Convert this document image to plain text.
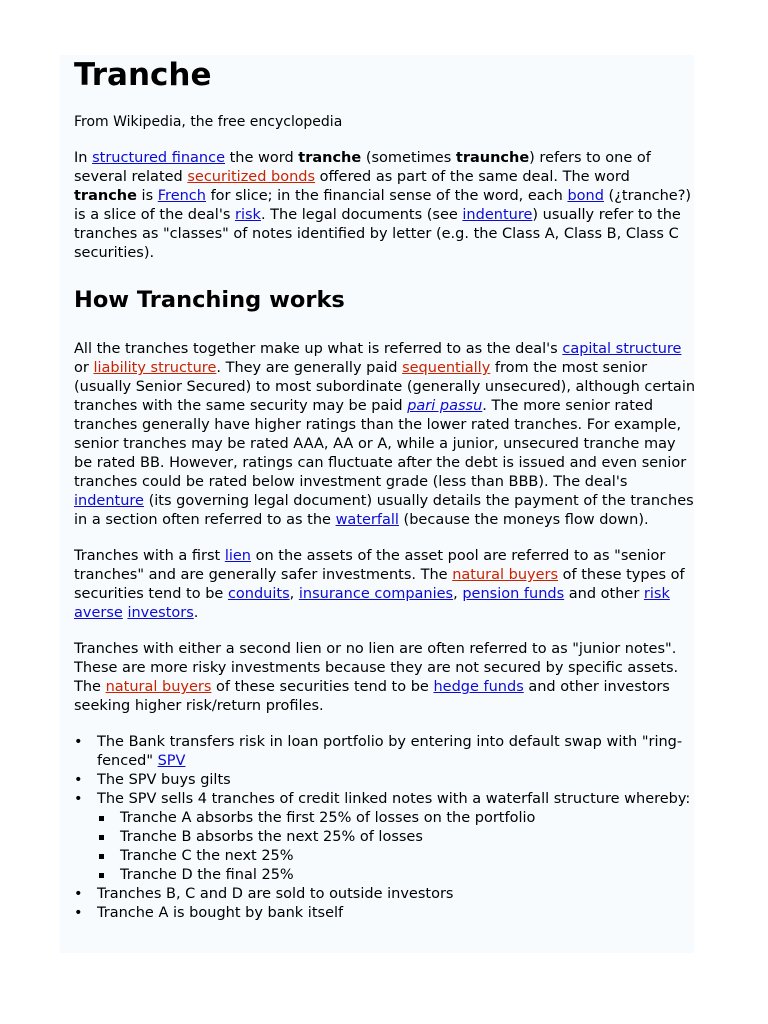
Tranche
From Wikipedia, the free encyclopedia

In structured finance the word tranche (sometimes traunche) refers to one of several related securitized bonds offered as part of the same deal. The word tranche is French for slice; in the financial sense of the word, each bond (¿tranche?) is a slice of the deal's risk. The legal documents (see indenture) usually refer to the tranches as "classes" of notes identified by letter (e.g. the Class A, Class B, Class C securities).

How Tranching works

All the tranches together make up what is referred to as the deal's capital structure or liability structure. They are generally paid sequentially from the most senior (usually Senior Secured) to most subordinate (generally unsecured), although certain tranches with the same security may be paid pari passu. The more senior rated tranches generally have higher ratings than the lower rated tranches. For example, senior tranches may be rated AAA, AA or A, while a junior, unsecured tranche may be rated BB. However, ratings can fluctuate after the debt is issued and even senior tranches could be rated below investment grade (less than BBB). The deal's indenture (its governing legal document) usually details the payment of the tranches in a section often referred to as the waterfall (because the moneys flow down).

Tranches with a first lien on the assets of the asset pool are referred to as "senior tranches" and are generally safer investments. The natural buyers of these types of securities tend to be conduits, insurance companies, pension funds and other risk averse investors.

Tranches with either a second lien or no lien are often referred to as "junior notes". These are more risky investments because they are not secured by specific assets. The natural buyers of these securities tend to be hedge funds and other investors seeking higher risk/return profiles.

• The Bank transfers risk in loan portfolio by entering into default swap with "ring-fenced" SPV
• The SPV buys gilts
• The SPV sells 4 tranches of credit linked notes with a waterfall structure whereby:
Tranche A absorbs the first 25% of losses on the portfolio
Tranche B absorbs the next 25% of losses
Tranche C the next 25%
Tranche D the final 25%
• Tranches B, C and D are sold to outside investors
• Tranche A is bought by bank itself
